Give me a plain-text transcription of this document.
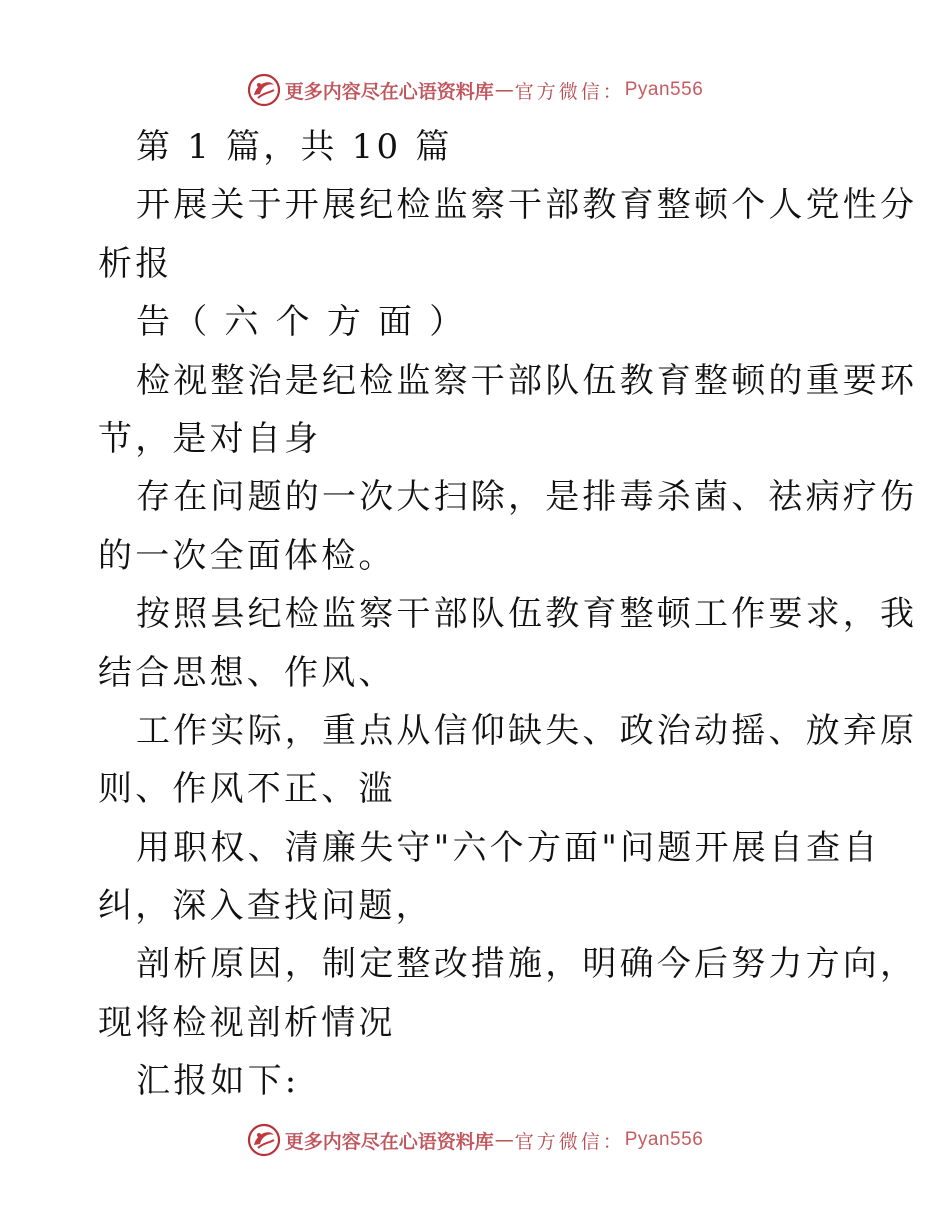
更多内容尽在心语资料库 — 官方微信： Pyan556
第 1 篇，共 10 篇
开展关于开展纪检监察干部教育整顿个人党性分
析报
告（ 六 个 方 面 ）
检视整治是纪检监察干部队伍教育整顿的重要环
节，是对自身
存在问题的一次大扫除，是排毒杀菌、祛病疗伤
的一次全面体检。
按照县纪检监察干部队伍教育整顿工作要求，我
结合思想、作风、
工作实际，重点从信仰缺失、政治动摇、放弃原
则、作风不正、滥
用职权、清廉失守"六个方面"问题开展自查自
纠，深入查找问题，
剖析原因，制定整改措施，明确今后努力方向，
现将检视剖析情况
汇报如下:
更多内容尽在心语资料库 — 官方微信： Pyan556
